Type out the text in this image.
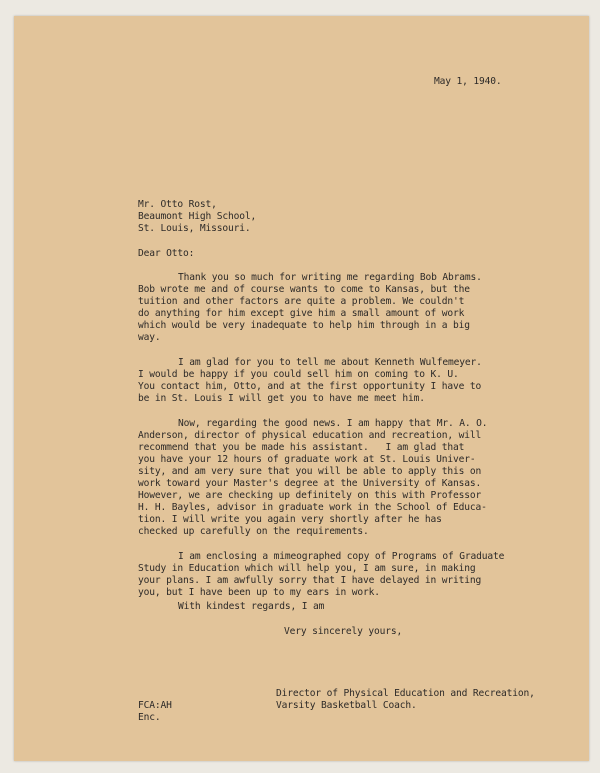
May 1, 1940.
Mr. Otto Rost,
Beaumont High School,
St. Louis, Missouri.
Dear Otto:
Thank you so much for writing me regarding Bob Abrams.
Bob wrote me and of course wants to come to Kansas, but the
tuition and other factors are quite a problem. We couldn't
do anything for him except give him a small amount of work
which would be very inadequate to help him through in a big
way.
I am glad for you to tell me about Kenneth Wulfemeyer.
I would be happy if you could sell him on coming to K. U.
You contact him, Otto, and at the first opportunity I have to
be in St. Louis I will get you to have me meet him.
Now, regarding the good news. I am happy that Mr. A. O.
Anderson, director of physical education and recreation, will
recommend that you be made his assistant.   I am glad that
you have your 12 hours of graduate work at St. Louis Univer-
sity, and am very sure that you will be able to apply this on
work toward your Master's degree at the University of Kansas.
However, we are checking up definitely on this with Professor
H. H. Bayles, advisor in graduate work in the School of Educa-
tion. I will write you again very shortly after he has
checked up carefully on the requirements.
I am enclosing a mimeographed copy of Programs of Graduate
Study in Education which will help you, I am sure, in making
your plans. I am awfully sorry that I have delayed in writing
you, but I have been up to my ears in work.
With kindest regards, I am
Very sincerely yours,
Director of Physical Education and Recreation,
Varsity Basketball Coach.
FCA:AH
Enc.
